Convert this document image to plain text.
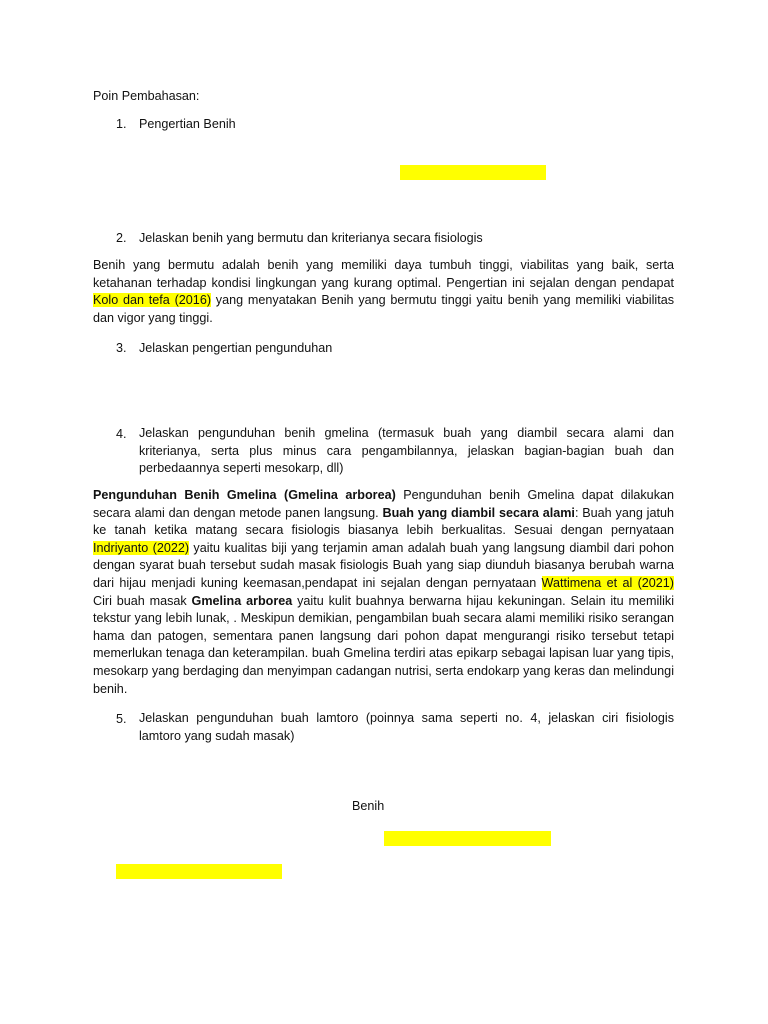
Poin Pembahasan:
1. Pengertian Benih
2. Jelaskan benih yang bermutu dan kriterianya secara fisiologis

Benih yang bermutu adalah benih yang memiliki daya tumbuh tinggi, viabilitas yang baik, serta ketahanan terhadap kondisi lingkungan yang kurang optimal. Pengertian ini sejalan dengan pendapat Kolo dan tefa (2016) yang menyatakan Benih yang bermutu tinggi yaitu benih yang memiliki viabilitas dan vigor yang tinggi.

3. Jelaskan pengertian pengunduhan
4. Jelaskan pengunduhan benih gmelina (termasuk buah yang diambil secara alami dan kriterianya, serta plus minus cara pengambilannya, jelaskan bagian-bagian buah dan perbedaannya seperti mesokarp, dll)

Pengunduhan Benih Gmelina (Gmelina arborea) Pengunduhan benih Gmelina dapat dilakukan secara alami dan dengan metode panen langsung. Buah yang diambil secara alami: Buah yang jatuh ke tanah ketika matang secara fisiologis biasanya lebih berkualitas. Sesuai dengan pernyataan Indriyanto (2022) yaitu kualitas biji yang terjamin aman adalah buah yang langsung diambil dari pohon dengan syarat buah tersebut sudah masak fisiologis Buah yang siap diunduh biasanya berubah warna dari hijau menjadi kuning keemasan,pendapat ini sejalan dengan pernyataan Wattimena et al (2021) Ciri buah masak Gmelina arborea yaitu kulit buahnya berwarna hijau kekuningan. Selain itu memiliki tekstur yang lebih lunak, . Meskipun demikian, pengambilan buah secara alami memiliki risiko serangan hama dan patogen, sementara panen langsung dari pohon dapat mengurangi risiko tersebut tetapi memerlukan tenaga dan keterampilan. buah Gmelina terdiri atas epikarp sebagai lapisan luar yang tipis, mesokarp yang berdaging dan menyimpan cadangan nutrisi, serta endokarp yang keras dan melindungi benih.

5. Jelaskan pengunduhan buah lamtoro (poinnya sama seperti no. 4, jelaskan ciri fisiologis lamtoro yang sudah masak)
Benih
